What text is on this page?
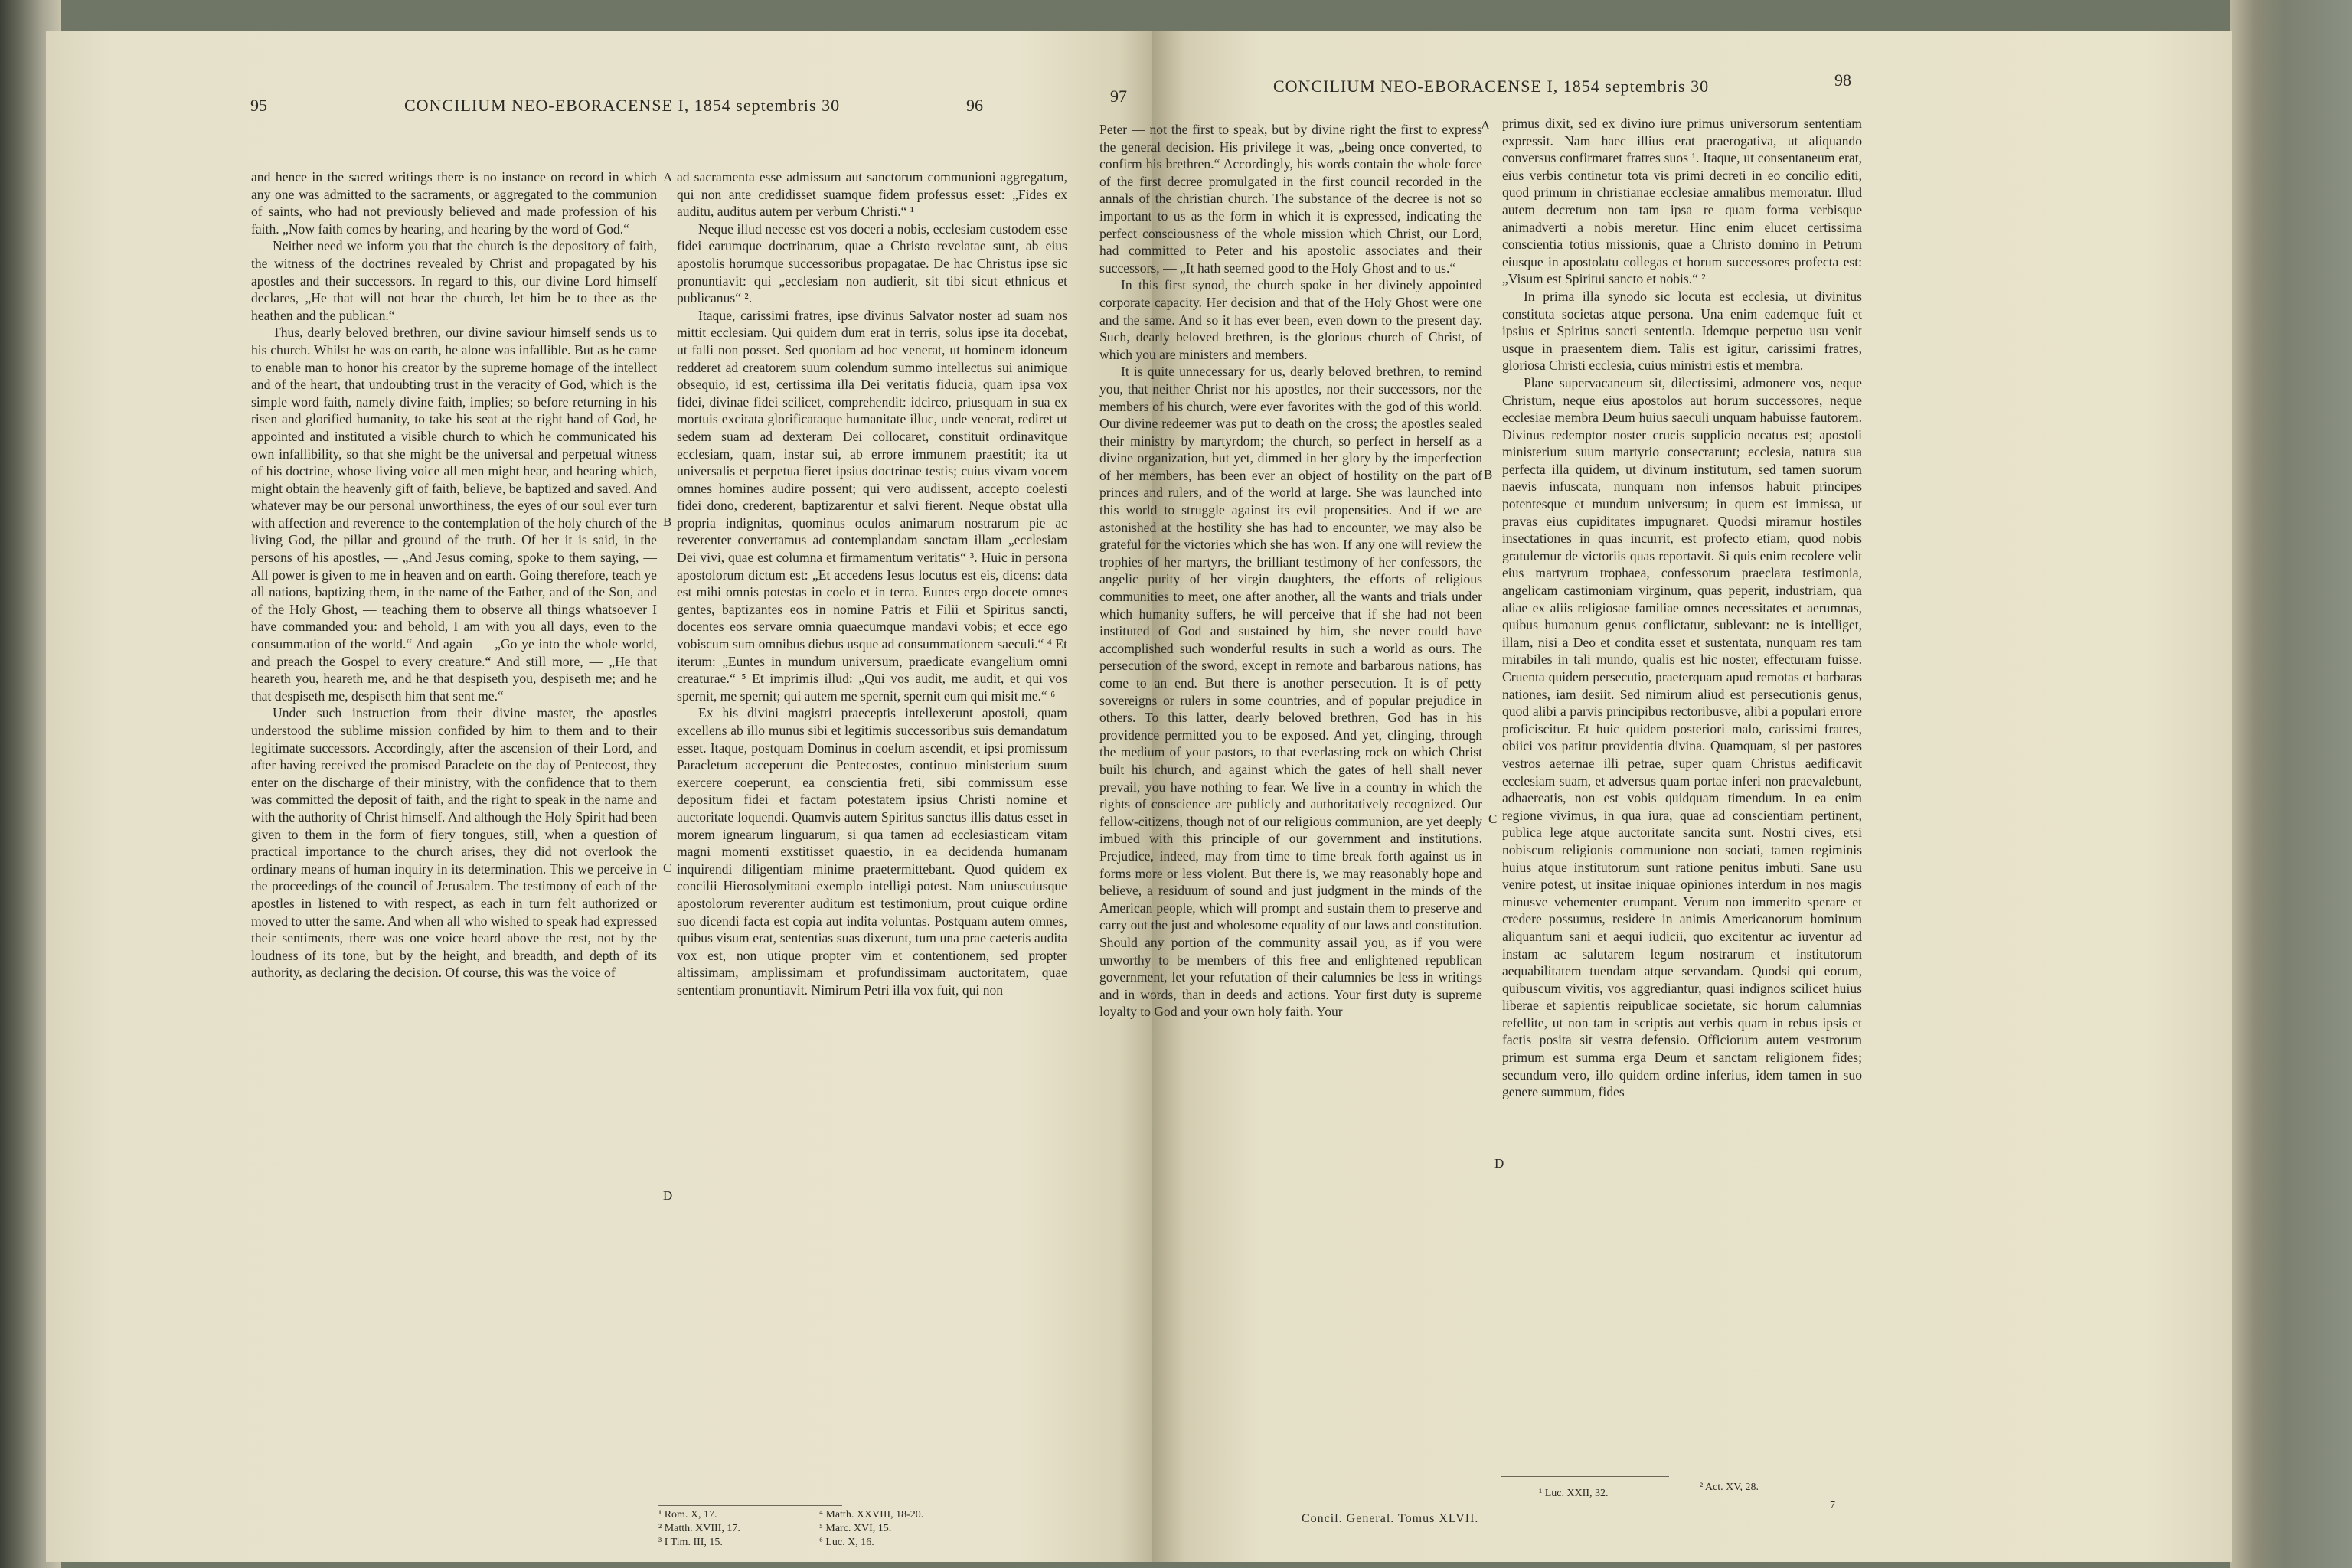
95	CONCILIUM NEO-EBORACENSE I, 1854 septembris 30	96

and hence in the sacred writings there is no instance on record in which any one was admitted to the sacraments, or aggregated to the communion of saints, who had not previously believed and made profession of his faith. „Now faith comes by hearing, and hearing by the word of God.“

Neither need we inform you that the church is the depository of faith, the witness of the doctrines revealed by Christ and propagated by his apostles and their successors. In regard to this, our divine Lord himself declares, „He that will not hear the church, let him be to thee as the heathen and the publican.“

Thus, dearly beloved brethren, our divine saviour himself sends us to his church. Whilst he was on earth, he alone was infallible. But as he came to enable man to honor his creator by the supreme homage of the intellect and of the heart, that undoubting trust in the veracity of God, which is the simple word faith, namely divine faith, implies; so before returning in his risen and glorified humanity, to take his seat at the right hand of God, he appointed and instituted a visible church to which he communicated his own infallibility, so that she might be the universal and perpetual witness of his doctrine, whose living voice all men might hear, and hearing which, might obtain the heavenly gift of faith, believe, be baptized and saved. And whatever may be our personal unworthiness, the eyes of our soul ever turn with affection and reverence to the contemplation of the holy church of the living God, the pillar and ground of the truth. Of her it is said, in the persons of his apostles, — „And Jesus coming, spoke to them saying, — All power is given to me in heaven and on earth. Going therefore, teach ye all nations, baptizing them, in the name of the Father, and of the Son, and of the Holy Ghost, — teaching them to observe all things whatsoever I have commanded you: and behold, I am with you all days, even to the consummation of the world.“ And again — „Go ye into the whole world, and preach the Gospel to every creature.“ And still more, — „He that heareth you, heareth me, and he that despiseth you, despiseth me; and he that despiseth me, despiseth him that sent me.“

Under such instruction from their divine master, the apostles understood the sublime mission confided by him to them and to their legitimate successors. Accordingly, after the ascension of their Lord, and after having received the promised Paraclete on the day of Pentecost, they enter on the discharge of their ministry, with the confidence that to them was committed the deposit of faith, and the right to speak in the name and with the authority of Christ himself. And although the Holy Spirit had been given to them in the form of fiery tongues, still, when a question of practical importance to the church arises, they did not overlook the ordinary means of human inquiry in its determination. This we perceive in the proceedings of the council of Jerusalem. The testimony of each of the apostles in listened to with respect, as each in turn felt authorized or moved to utter the same. And when all who wished to speak had expressed their sentiments, there was one voice heard above the rest, not by the loudness of its tone, but by the height, and breadth, and depth of its authority, as declaring the decision. Of course, this was the voice of

A
B
C
D

ad sacramenta esse admissum aut sanctorum communioni aggregatum, qui non ante credidisset suamque fidem professus esset: „Fides ex auditu, auditus autem per verbum Christi.“ ¹

Neque illud necesse est vos doceri a nobis, ecclesiam custodem esse fidei earumque doctrinarum, quae a Christo revelatae sunt, ab eius apostolis horumque successoribus propagatae. De hac Christus ipse sic pronuntiavit: qui „ecclesiam non audierit, sit tibi sicut ethnicus et publicanus“ ².

Itaque, carissimi fratres, ipse divinus Salvator noster ad suam nos mittit ecclesiam. Qui quidem dum erat in terris, solus ipse ita docebat, ut falli non posset. Sed quoniam ad hoc venerat, ut hominem idoneum redderet ad creatorem suum colendum summo intellectus sui animique obsequio, id est, certissima illa Dei veritatis fiducia, quam ipsa vox fidei, divinae fidei scilicet, comprehendit: idcirco, priusquam in sua ex mortuis excitata glorificataque humanitate illuc, unde venerat, rediret ut sedem suam ad dexteram Dei collocaret, constituit ordinavitque ecclesiam, quam, instar sui, ab errore immunem praestitit; ita ut universalis et perpetua fieret ipsius doctrinae testis; cuius vivam vocem omnes homines audire possent; qui vero audissent, accepto coelesti fidei dono, crederent, baptizarentur et salvi fierent. Neque obstat ulla propria indignitas, quominus oculos animarum nostrarum pie ac reverenter convertamus ad contemplandam sanctam illam „ecclesiam Dei vivi, quae est columna et firmamentum veritatis“ ³. Huic in persona apostolorum dictum est: „Et accedens Iesus locutus est eis, dicens: data est mihi omnis potestas in coelo et in terra. Euntes ergo docete omnes gentes, baptizantes eos in nomine Patris et Filii et Spiritus sancti, docentes eos servare omnia quaecumque mandavi vobis; et ecce ego vobiscum sum omnibus diebus usque ad consummationem saeculi.“ ⁴ Et iterum: „Euntes in mundum universum, praedicate evangelium omni creaturae.“ ⁵ Et imprimis illud: „Qui vos audit, me audit, et qui vos spernit, me spernit; qui autem me spernit, spernit eum qui misit me.“ ⁶

Ex his divini magistri praeceptis intellexerunt apostoli, quam excellens ab illo munus sibi et legitimis successoribus suis demandatum esset. Itaque, postquam Dominus in coelum ascendit, et ipsi promissum Paracletum acceperunt die Pentecostes, continuo ministerium suum exercere coeperunt, ea conscientia freti, sibi commissum esse depositum fidei et factam potestatem ipsius Christi nomine et auctoritate loquendi. Quamvis autem Spiritus sanctus illis datus esset in morem ignearum linguarum, si qua tamen ad ecclesiasticam vitam magni momenti exstitisset quaestio, in ea decidenda humanam inquirendi diligentiam minime praetermittebant. Quod quidem ex concilii Hierosolymitani exemplo intelligi potest. Nam uniuscuiusque apostolorum reverenter auditum est testimonium, prout cuique ordine suo dicendi facta est copia aut indita voluntas. Postquam autem omnes, quibus visum erat, sententias suas dixerunt, tum una prae caeteris audita vox est, non utique propter vim et contentionem, sed propter altissimam, amplissimam et profundissimam auctoritatem, quae sententiam pronuntiavit. Nimirum Petri illa vox fuit, qui non

¹ Rom. X, 17.
² Matth. XVIII, 17.
³ I Tim. III, 15.
⁴ Matth. XXVIII, 18-20.
⁵ Marc. XVI, 15.
⁶ Luc. X, 16.
97
CONCILIUM NEO-EBORACENSE I, 1854 septembris 30	98

Peter — not the first to speak, but by divine right the first to express the general decision. His privilege it was, „being once converted, to confirm his brethren.“ Accordingly, his words contain the whole force of the first decree promulgated in the first council recorded in the annals of the christian church. The substance of the decree is not so important to us as the form in which it is expressed, indicating the perfect consciousness of the whole mission which Christ, our Lord, had committed to Peter and his apostolic associates and their successors, — „It hath seemed good to the Holy Ghost and to us.“

In this first synod, the church spoke in her divinely appointed corporate capacity. Her decision and that of the Holy Ghost were one and the same. And so it has ever been, even down to the present day. Such, dearly beloved brethren, is the glorious church of Christ, of which you are ministers and members.

It is quite unnecessary for us, dearly beloved brethren, to remind you, that neither Christ nor his apostles, nor their successors, nor the members of his church, were ever favorites with the god of this world. Our divine redeemer was put to death on the cross; the apostles sealed their ministry by martyrdom; the church, so perfect in herself as a divine organization, but yet, dimmed in her glory by the imperfection of her members, has been ever an object of hostility on the part of princes and rulers, and of the world at large. She was launched into this world to struggle against its evil propensities. And if we are astonished at the hostility she has had to encounter, we may also be grateful for the victories which she has won. If any one will review the trophies of her martyrs, the brilliant testimony of her confessors, the angelic purity of her virgin daughters, the efforts of religious communities to meet, one after another, all the wants and trials under which humanity suffers, he will perceive that if she had not been instituted of God and sustained by him, she never could have accomplished such wonderful results in such a world as ours. The persecution of the sword, except in remote and barbarous nations, has come to an end. But there is another persecution. It is of petty sovereigns or rulers in some countries, and of popular prejudice in others. To this latter, dearly beloved brethren, God has in his providence permitted you to be exposed. And yet, clinging, through the medium of your pastors, to that everlasting rock on which Christ built his church, and against which the gates of hell shall never prevail, you have nothing to fear. We live in a country in which the rights of conscience are publicly and authoritatively recognized. Our fellow-citizens, though not of our religious communion, are yet deeply imbued with this principle of our government and institutions. Prejudice, indeed, may from time to time break forth against us in forms more or less violent. But there is, we may reasonably hope and believe, a residuum of sound and just judgment in the minds of the American people, which will prompt and sustain them to preserve and carry out the just and wholesome equality of our laws and constitution. Should any portion of the community assail you, as if you were unworthy to be members of this free and enlightened republican government, let your refutation of their calumnies be less in writings and in words, than in deeds and actions. Your first duty is supreme loyalty to God and your own holy faith. Your

A
B
C
D

primus dixit, sed ex divino iure primus universorum sententiam expressit. Nam haec illius erat praerogativa, ut aliquando conversus confirmaret fratres suos ¹. Itaque, ut consentaneum erat, eius verbis continetur tota vis primi decreti in eo concilio editi, quod primum in christianae ecclesiae annalibus memoratur. Illud autem decretum non tam ipsa re quam forma verbisque animadverti a nobis meretur. Hinc enim elucet certissima conscientia totius missionis, quae a Christo domino in Petrum eiusque in apostolatu collegas et horum successores profecta est: „Visum est Spiritui sancto et nobis.“ ²

In prima illa synodo sic locuta est ecclesia, ut divinitus constituta societas atque persona. Una enim eademque fuit et ipsius et Spiritus sancti sententia. Idemque perpetuo usu venit usque in praesentem diem. Talis est igitur, carissimi fratres, gloriosa Christi ecclesia, cuius ministri estis et membra.

Plane supervacaneum sit, dilectissimi, admonere vos, neque Christum, neque eius apostolos aut horum successores, neque ecclesiae membra Deum huius saeculi unquam habuisse fautorem. Divinus redemptor noster crucis supplicio necatus est; apostoli ministerium suum martyrio consecrarunt; ecclesia, natura sua perfecta illa quidem, ut divinum institutum, sed tamen suorum naevis infuscata, nunquam non infensos habuit principes potentesque et mundum universum; in quem est immissa, ut pravas eius cupiditates impugnaret. Quodsi miramur hostiles insectationes in quas incurrit, est profecto etiam, quod nobis gratulemur de victoriis quas reportavit. Si quis enim recolere velit eius martyrum trophaea, confessorum praeclara testimonia, angelicam castimoniam virginum, quas peperit, industriam, qua aliae ex aliis religiosae familiae omnes necessitates et aerumnas, quibus humanum genus conflictatur, sublevant: ne is intelliget, illam, nisi a Deo et condita esset et sustentata, nunquam res tam mirabiles in tali mundo, qualis est hic noster, effecturam fuisse. Cruenta quidem persecutio, praeterquam apud remotas et barbaras nationes, iam desiit. Sed nimirum aliud est persecutionis genus, quod alibi a parvis principibus rectoribusve, alibi a populari errore proficiscitur. Et huic quidem posteriori malo, carissimi fratres, obiici vos patitur providentia divina. Quamquam, si per pastores vestros aeternae illi petrae, super quam Christus aedificavit ecclesiam suam, et adversus quam portae inferi non praevalebunt, adhaereatis, non est vobis quidquam timendum. In ea enim regione vivimus, in qua iura, quae ad conscientiam pertinent, publica lege atque auctoritate sancita sunt. Nostri cives, etsi nobiscum religionis communione non sociati, tamen regiminis huius atque institutorum sunt ratione penitus imbuti. Sane usu venire potest, ut insitae iniquae opiniones interdum in nos magis minusve vehementer erumpant. Verum non immerito sperare et credere possumus, residere in animis Americanorum hominum aliquantum sani et aequi iudicii, quo excitentur ac iuventur ad instam ac salutarem legum nostrarum et institutorum aequabilitatem tuendam atque servandam. Quodsi qui eorum, quibuscum vivitis, vos aggrediantur, quasi indignos scilicet huius liberae et sapientis reipublicae societate, sic horum calumnias refellite, ut non tam in scriptis aut verbis quam in rebus ipsis et factis posita sit vestra defensio. Officiorum autem vestrorum primum est summa erga Deum et sanctam religionem fides; secundum vero, illo quidem ordine inferius, idem tamen in suo genere summum, fides

¹ Luc. XXII, 32.
² Act. XV, 28.
7
Concil. General. Tomus XLVII.
